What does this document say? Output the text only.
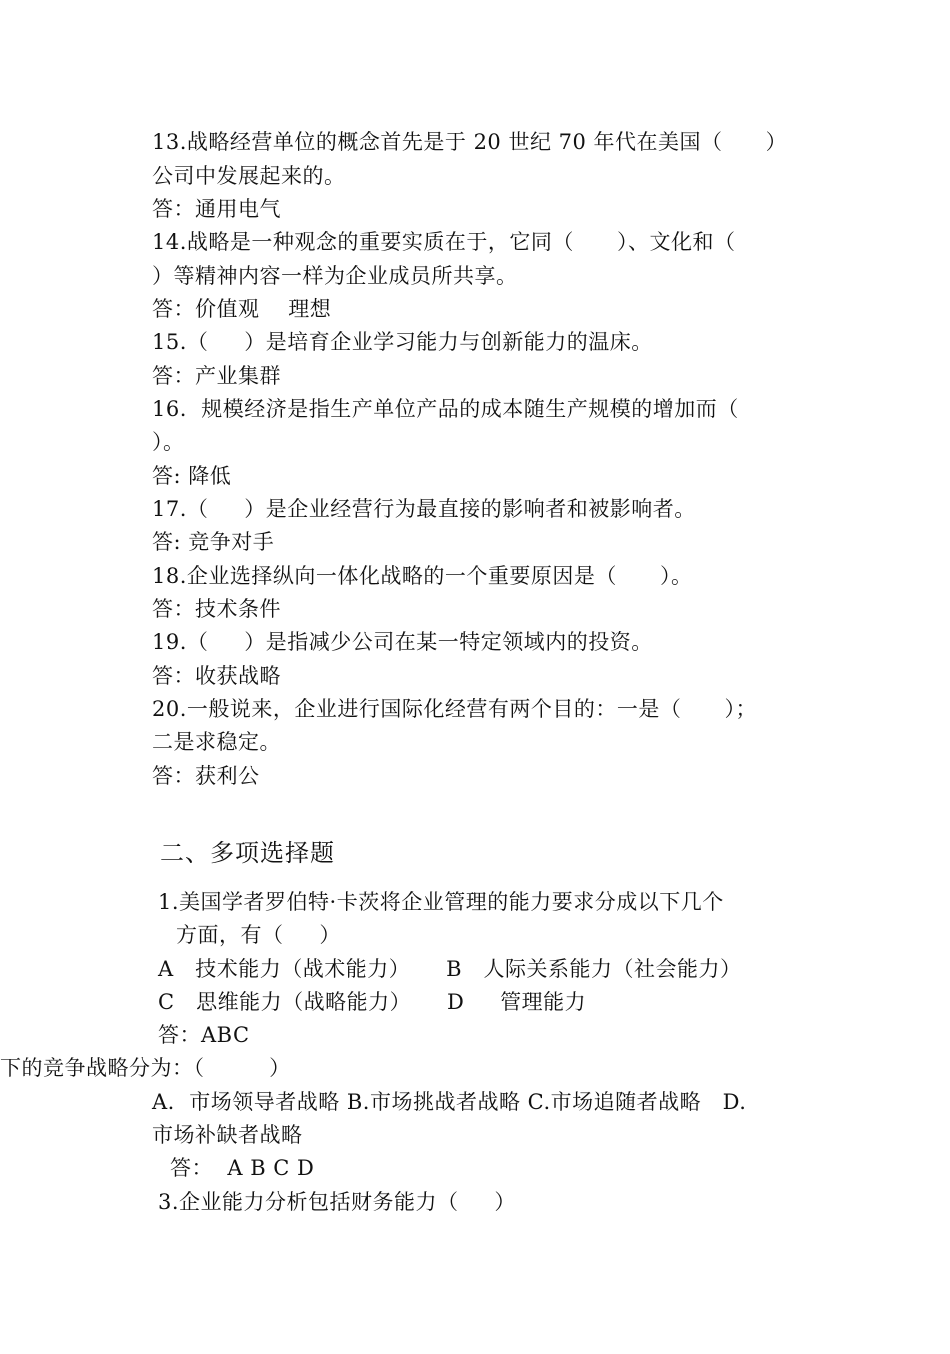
13.战略经营单位的概念首先是于 20 世纪 70 年代在美国（      ）
公司中发展起来的。
答：通用电气
14.战略是一种观念的重要实质在于，它同（      ）、文化和（
）等精神内容一样为企业成员所共享。
答：价值观    理想
15.（     ）是培育企业学习能力与创新能力的温床。
答：产业集群
16.  规模经济是指生产单位产品的成本随生产规模的增加而（
）。
答: 降低
17.（     ）是企业经营行为最直接的影响者和被影响者。
答: 竞争对手
18.企业选择纵向一体化战略的一个重要原因是（      ）。
答：技术条件
19.（     ）是指减少公司在某一特定领域内的投资。
答：收获战略
20.一般说来，企业进行国际化经营有两个目的：一是（      ）；
二是求稳定。
答：获利公
二、多项选择题
1.美国学者罗伯特·卡茨将企业管理的能力要求分成以下几个
方面，有（     ）
A   技术能力（战术能力）     B   人际关系能力（社会能力）
C   思维能力（战略能力）     D     管理能力
答：ABC
下的竞争战略分为：（         ）
A.  市场领导者战略 B.市场挑战者战略 C.市场追随者战略   D.
市场补缺者战略
答：  A B C D
3.企业能力分析包括财务能力（     ）
